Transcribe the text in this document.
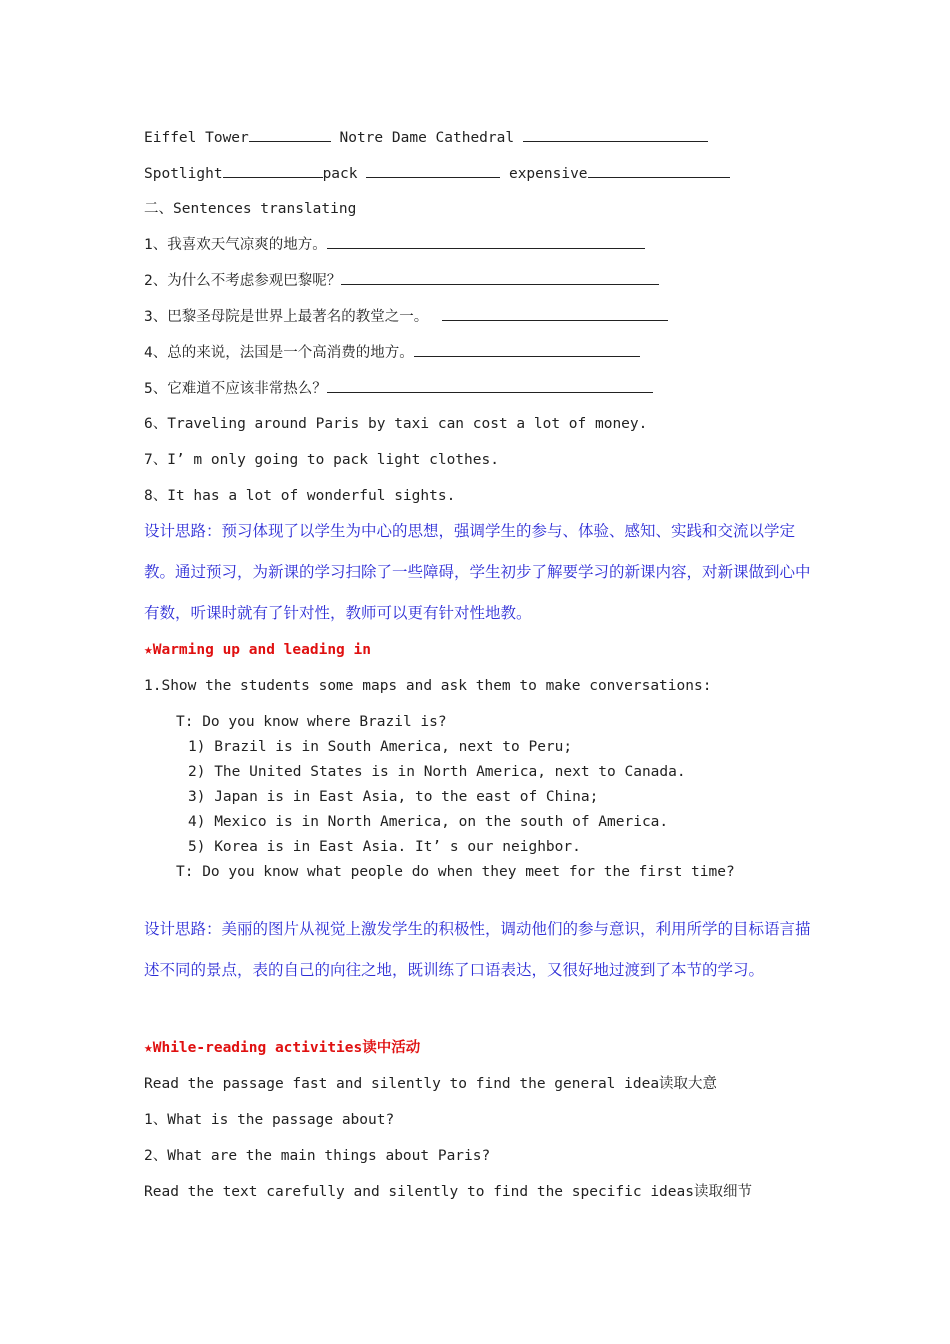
Eiffel Tower	Notre Dame Cathedral
Spotlight	pack	expensive
二、Sentences translating
1、我喜欢天气凉爽的地方。
2、为什么不考虑参观巴黎呢？
3、巴黎圣母院是世界上最著名的教堂之一。
4、总的来说，法国是一个高消费的地方。
5、它难道不应该非常热么？
6、Traveling around Paris by taxi can cost a lot of money.
7、I’ m only going to pack light clothes.
8、It has a lot of wonderful sights.
设计思路：预习体现了以学生为中心的思想，强调学生的参与、体验、感知、实践和交流以学定教。通过预习，为新课的学习扫除了一些障碍，学生初步了解要学习的新课内容，对新课做到心中有数，听课时就有了针对性，教师可以更有针对性地教。
★Warming up and leading in
1.Show the students some maps and ask them to make conversations:
T: Do you know where Brazil is?
1) Brazil is in South America, next to Peru;
2) The United States is in North America, next to Canada.
3) Japan is in East Asia, to the east of China;
4) Mexico is in North America, on the south of America.
5) Korea is in East Asia. It’ s our neighbor.
T: Do you know what people do when they meet for the first time?
设计思路：美丽的图片从视觉上激发学生的积极性，调动他们的参与意识，利用所学的目标语言描述不同的景点，表的自己的向往之地，既训练了口语表达，又很好地过渡到了本节的学习。
★While-reading activities读中活动
Read the passage fast and silently to find the general idea读取大意
1、What is the passage about?
2、What are the main things about Paris?
Read the text carefully and silently to find the specific ideas读取细节
